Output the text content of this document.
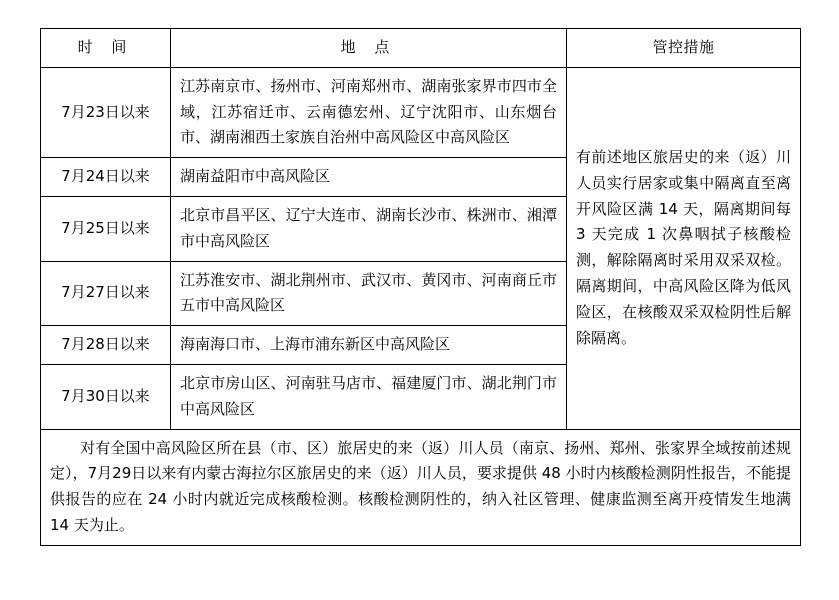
时 间	地 点	管控措施
7月23日以来	江苏南京市、扬州市、河南郑州市、湖南张家界市四市全域，江苏宿迁市、云南德宏州、辽宁沈阳市、山东烟台市、湖南湘西土家族自治州中高风险区中高风险区	有前述地区旅居史的来（返）川人员实行居家或集中隔离直至离开风险区满 14 天，隔离期间每 3 天完成 1 次鼻咽拭子核酸检测，解除隔离时采用双采双检。隔离期间，中高风险区降为低风险区，在核酸双采双检阴性后解除隔离。
7月24日以来	湖南益阳市中高风险区	
7月25日以来	北京市昌平区、辽宁大连市、湖南长沙市、株洲市、湘潭市中高风险区	
7月27日以来	江苏淮安市、湖北荆州市、武汉市、黄冈市、河南商丘市五市中高风险区	
7月28日以来	海南海口市、上海市浦东新区中高风险区	
7月30日以来	北京市房山区、河南驻马店市、福建厦门市、湖北荆门市中高风险区	
对有全国中高风险区所在县（市、区）旅居史的来（返）川人员（南京、扬州、郑州、张家界全域按前述规定），7月29日以来有内蒙古海拉尔区旅居史的来（返）川人员，要求提供 48 小时内核酸检测阴性报告，不能提供报告的应在 24 小时内就近完成核酸检测。核酸检测阴性的，纳入社区管理、健康监测至离开疫情发生地满 14 天为止。		
